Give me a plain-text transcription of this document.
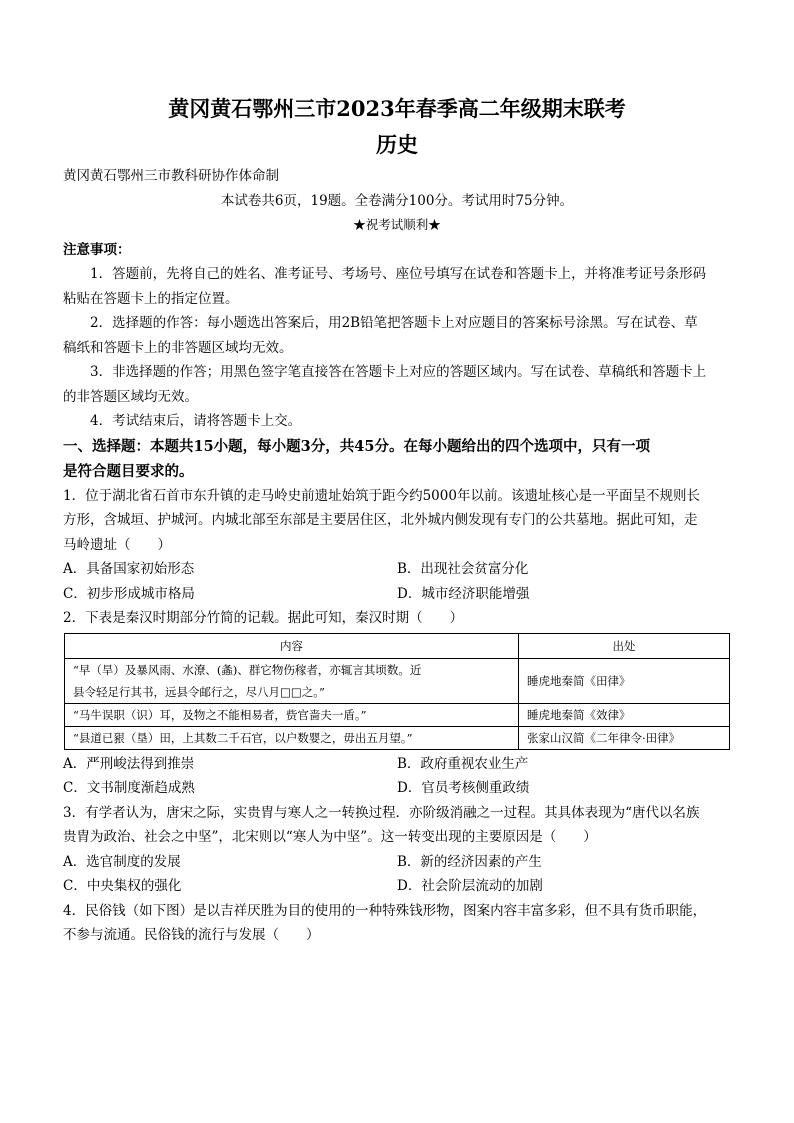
黄冈黄石鄂州三市2023年春季高二年级期末联考
历史
黄冈黄石鄂州三市教科研协作体命制
本试卷共6页，19题。全卷满分100分。考试用时75分钟。
★祝考试顺利★
注意事项：
1．答题前，先将自己的姓名、准考证号、考场号、座位号填写在试卷和答题卡上，并将准考证号条形码
粘贴在答题卡上的指定位置。
2．选择题的作答：每小题选出答案后，用2B铅笔把答题卡上对应题目的答案标号涂黑。写在试卷、草
稿纸和答题卡上的非答题区域均无效。
3．非选择题的作答；用黑色签字笔直接答在答题卡上对应的答题区域内。写在试卷、草稿纸和答题卡上
的非答题区域均无效。
4．考试结束后，请将答题卡上交。
一、选择题：本题共15小题，每小题3分，共45分。在每小题给出的四个选项中，只有一项
是符合题目要求的。
1．位于湖北省石首市东升镇的走马岭史前遗址始筑于距今约5000年以前。该遗址核心是一平面呈不规则长
方形，含城垣、护城河。内城北部至东部是主要居住区，北外城内侧发现有专门的公共墓地。据此可知，走
马岭遗址（　　）
A．具备国家初始形态	B．出现社会贫富分化
C．初步形成城市格局	D．城市经济职能增强
2．下表是秦汉时期部分竹简的记载。据此可知，秦汉时期（　　）
内容	出处

“早（旱）及暴风雨、水潦、(螽)、群它物伤稼者，亦辄言其顷数。近
县令轻足行其书，远县令邮行之，尽八月□□之。”	睡虎地秦简《田律》

“马牛误职（识）耳，及物之不能相易者，赀官啬夫一盾。”	睡虎地秦简《效律》

“县道已豤（垦）田，上其数二千石官，以户数婴之，毋出五月望。”	张家山汉简《二年律令·田律》
A．严刑峻法得到推崇	B．政府重视农业生产
C．文书制度渐趋成熟	D．官员考核侧重政绩
3．有学者认为，唐宋之际，实贵胄与寒人之一转换过程．亦阶级消融之一过程。其具体表现为“唐代以名族
贵胄为政治、社会之中坚”，北宋则以“寒人为中坚”。这一转变出现的主要原因是（　　）
A．选官制度的发展	B．新的经济因素的产生
C．中央集权的强化	D．社会阶层流动的加剧
4．民俗钱（如下图）是以吉祥厌胜为目的使用的一种特殊钱形物，图案内容丰富多彩，但不具有货币职能，
不参与流通。民俗钱的流行与发展（　　）
